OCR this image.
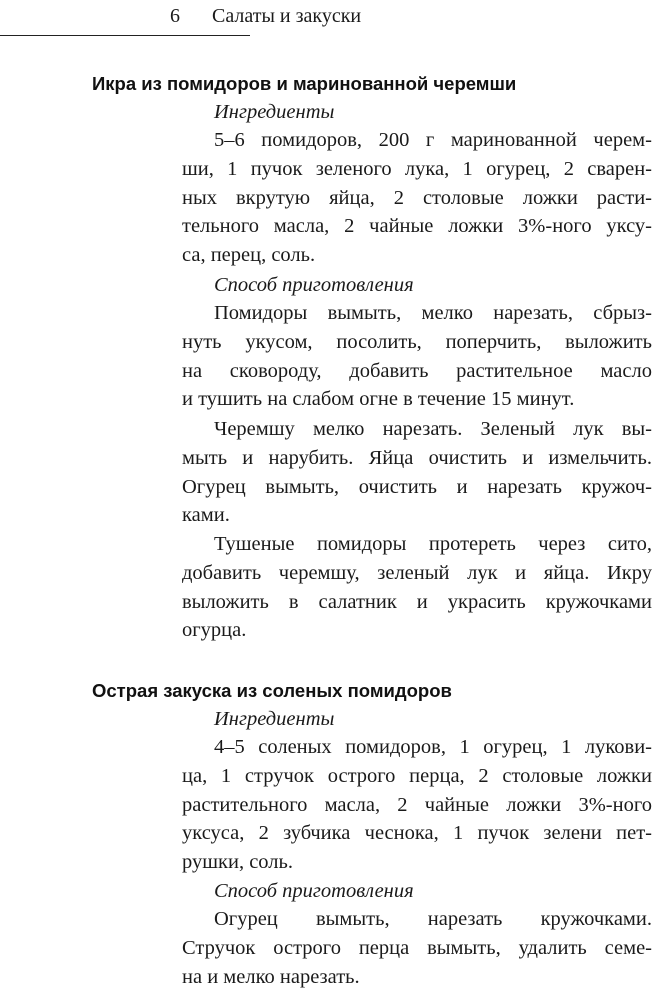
6 Салаты и закуски
Икра из помидоров и маринованной черемши
Ингредиенты
5–6 помидоров, 200 г маринованной черем-
ши, 1 пучок зеленого лука, 1 огурец, 2 сварен-
ных вкрутую яйца, 2 столовые ложки расти-
тельного масла, 2 чайные ложки 3%-ного уксу-
са, перец, соль.
Способ приготовления
Помидоры вымыть, мелко нарезать, сбрыз-
нуть укусом, посолить, поперчить, выложить
на сковороду, добавить растительное масло
и тушить на слабом огне в течение 15 минут.
Черемшу мелко нарезать. Зеленый лук вы-
мыть и нарубить. Яйца очистить и измельчить.
Огурец вымыть, очистить и нарезать кружоч-
ками.
Тушеные помидоры протереть через сито,
добавить черемшу, зеленый лук и яйца. Икру
выложить в салатник и украсить кружочками
огурца.
Острая закуска из соленых помидоров
Ингредиенты
4–5 соленых помидоров, 1 огурец, 1 лукови-
ца, 1 стручок острого перца, 2 столовые ложки
растительного масла, 2 чайные ложки 3%-ного
уксуса, 2 зубчика чеснока, 1 пучок зелени пет-
рушки, соль.
Способ приготовления
Огурец вымыть, нарезать кружочками.
Стручок острого перца вымыть, удалить семе-
на и мелко нарезать.
